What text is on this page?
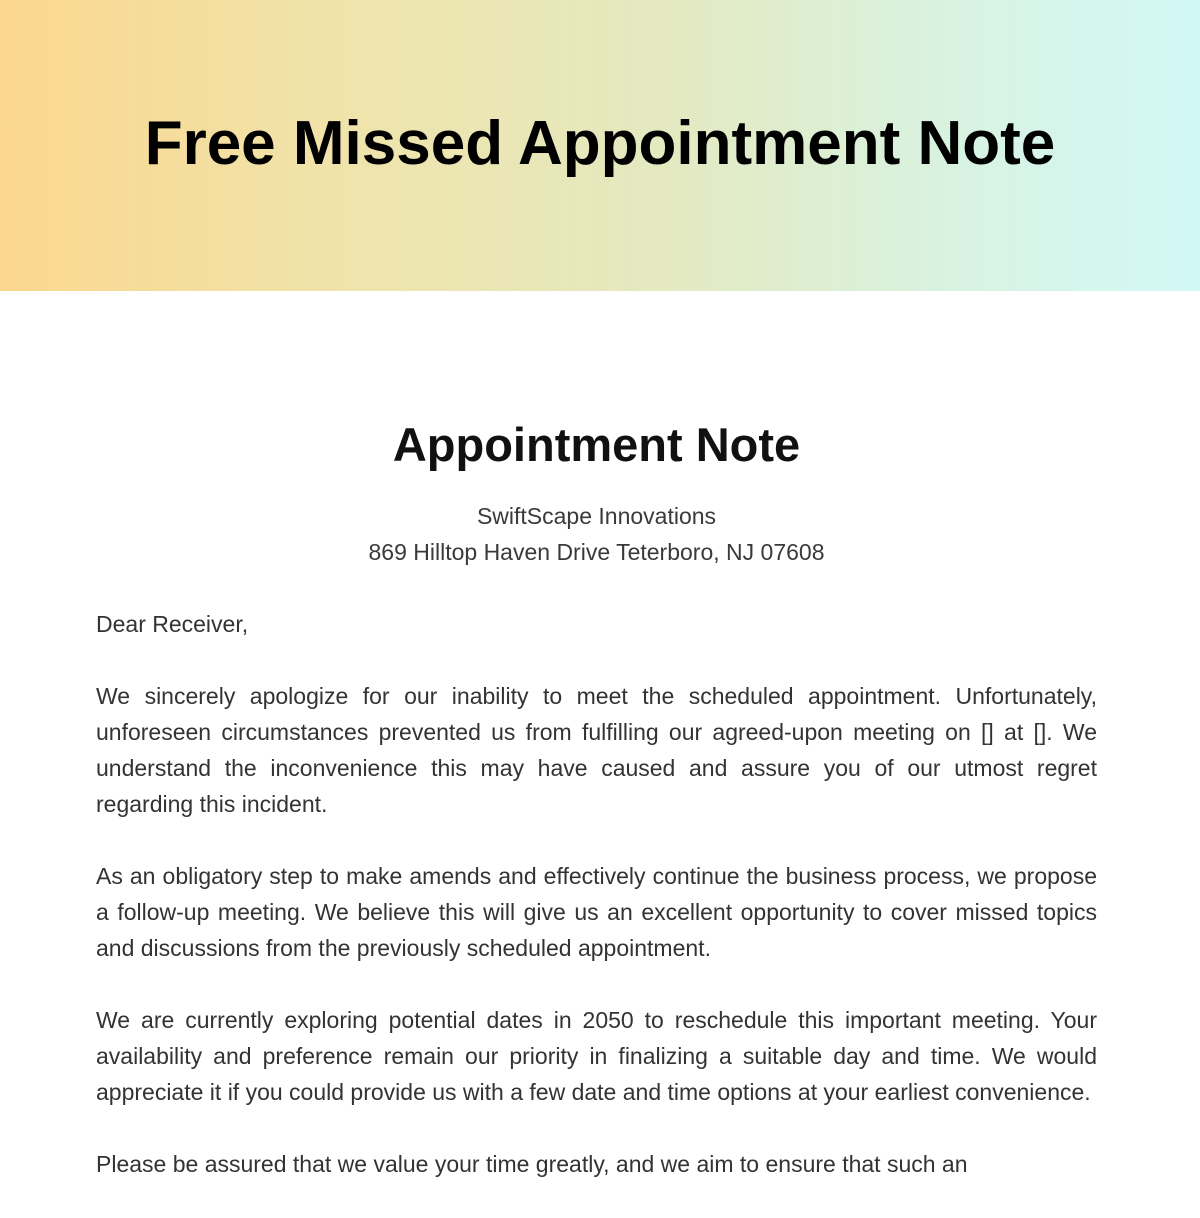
Free Missed Appointment Note
Appointment Note
SwiftScape Innovations
869 Hilltop Haven Drive Teterboro, NJ 07608

Dear Receiver,

We sincerely apologize for our inability to meet the scheduled appointment. Unfortunately, unforeseen circumstances prevented us from fulfilling our agreed-upon meeting on [] at []. We understand the inconvenience this may have caused and assure you of our utmost regret regarding this incident.

As an obligatory step to make amends and effectively continue the business process, we propose a follow-up meeting. We believe this will give us an excellent opportunity to cover missed topics and discussions from the previously scheduled appointment.

We are currently exploring potential dates in 2050 to reschedule this important meeting. Your availability and preference remain our priority in finalizing a suitable day and time. We would appreciate it if you could provide us with a few date and time options at your earliest convenience.

Please be assured that we value your time greatly, and we aim to ensure that such an
